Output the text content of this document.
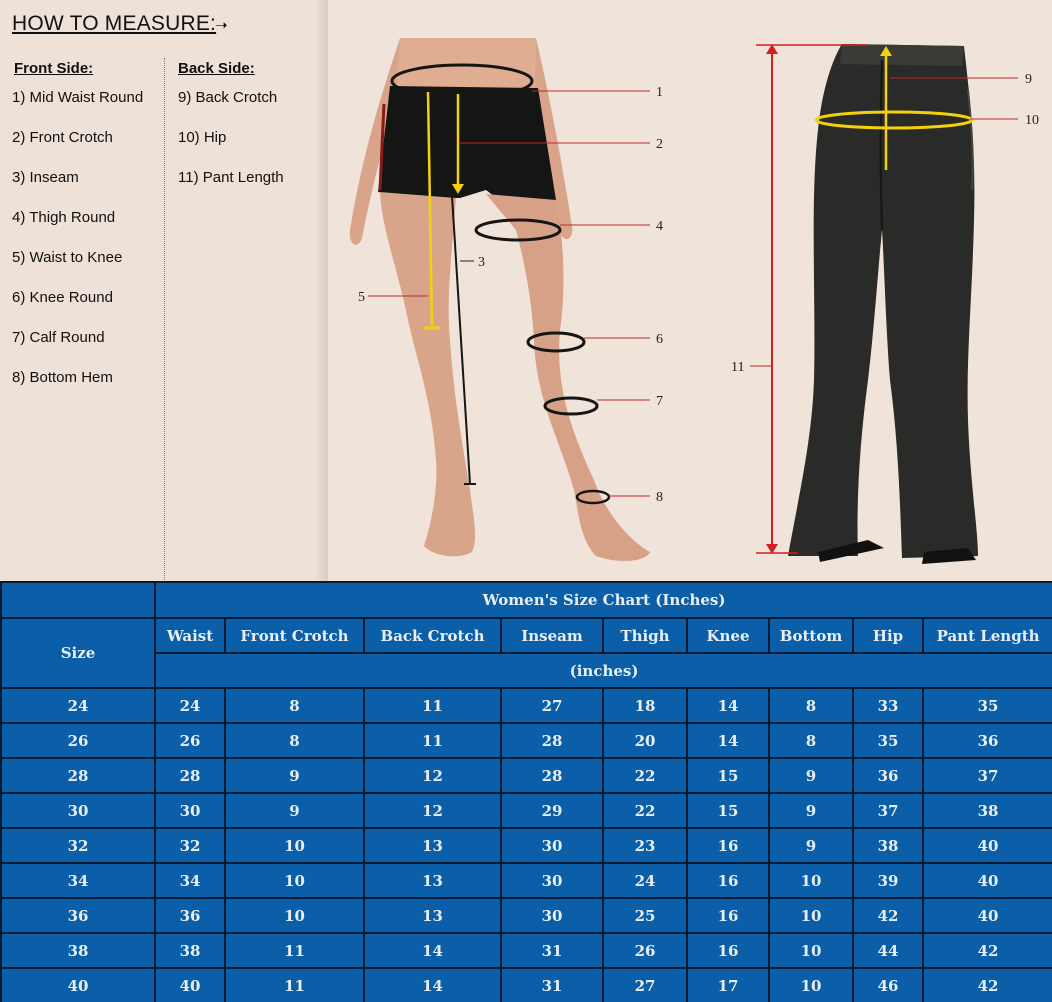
HOW TO MEASURE:
➝
Front Side:	Back Side:
1) Mid Waist Round
2) Front Crotch
3) Inseam
4) Thigh Round
5) Waist to Knee
6) Knee Round
7) Calf Round
8) Bottom Hem
9) Back Crotch
10) Hip
11) Pant Length
1
2
3
4
5
6
7
8
9
10
11
	Women's Size Chart (Inches)								
Size	Waist	Front Crotch	Back Crotch	Inseam	Thigh	Knee	Bottom	Hip	Pant Length
	(inches)								
24	24	8	11	27	18	14	8	33	35
26	26	8	11	28	20	14	8	35	36
28	28	9	12	28	22	15	9	36	37
30	30	9	12	29	22	15	9	37	38
32	32	10	13	30	23	16	9	38	40
34	34	10	13	30	24	16	10	39	40
36	36	10	13	30	25	16	10	42	40
38	38	11	14	31	26	16	10	44	42
40	40	11	14	31	27	17	10	46	42
